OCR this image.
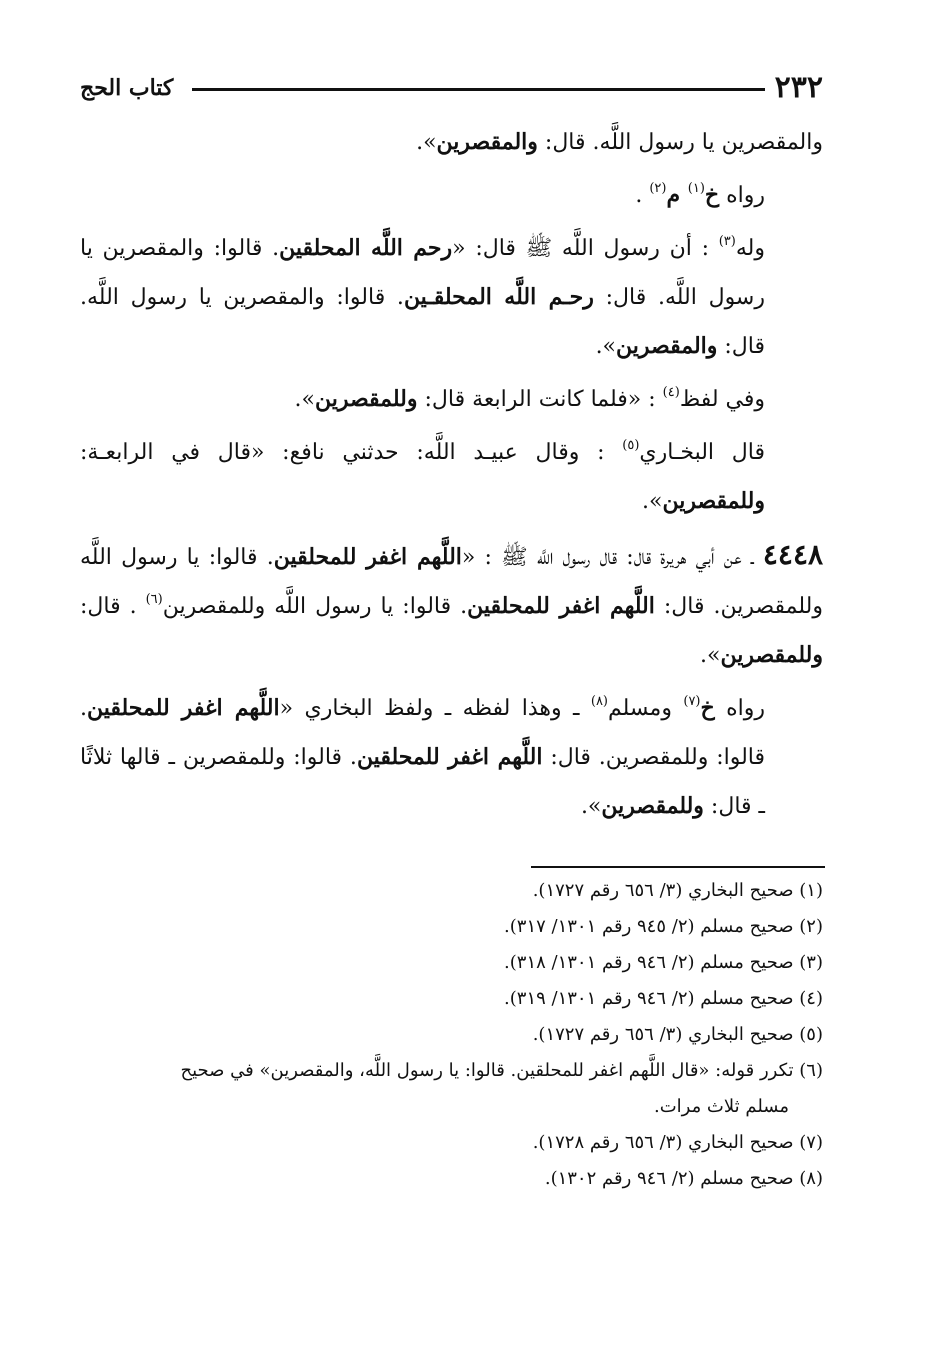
٢٣٢
كتاب الحج

والمقصرين يا رسول اللَّه. قال: والمقصرين».

رواه خ$^{(١)}$ م$^{(٢)}$ .

وله$^{(٣)}$ : أن رسول اللَّه ﷺ قال: «رحم اللَّه المحلقين. قالوا: والمقصرين يا رسول اللَّه. قال: رحـم اللَّه المحلقـين. قالوا: والمقصرين يا رسول اللَّه. قال: والمقصرين».

وفي لفظ$^{(٤)}$ : «فلما كانت الرابعة قال: وللمقصرين».

قال البخـاري$^{(٥)}$ : وقال عبيـد اللَّه: حدثني نافع: «قال في الرابعـة: وللمقصرين».

٤٤٤٨ ـ عن أبي هريرة قال: قال رسول اللَّه ﷺ : «اللَّهم اغفر للمحلقين. قالوا: يا رسول اللَّه وللمقصرين. قال: اللَّهم اغفر للمحلقين. قالوا: يا رسول اللَّه وللمقصرين$^{(٦)}$ . قال: وللمقصرين».

رواه خ$^{(٧)}$ ومسلم$^{(٨)}$ ـ وهذا لفظه ـ ولفظ البخاري «اللَّهم اغفر للمحلقين. قالوا: وللمقصرين. قال: اللَّهم اغفر للمحلقين. قالوا: وللمقصرين ـ قالها ثلاثًا ـ قال: وللمقصرين».

(١) صحيح البخاري (٣/ ٦٥٦ رقم ١٧٢٧).

(٢) صحيح مسلم (٢/ ٩٤٥ رقم ١٣٠١/ ٣١٧).

(٣) صحيح مسلم (٢/ ٩٤٦ رقم ١٣٠١/ ٣١٨).

(٤) صحيح مسلم (٢/ ٩٤٦ رقم ١٣٠١/ ٣١٩).

(٥) صحيح البخاري (٣/ ٦٥٦ رقم ١٧٢٧).

(٦) تكرر قوله: «قال اللَّهم اغفر للمحلقين. قالوا: يا رسول اللَّه، والمقصرين» في صحيح

مسلم ثلاث مرات.

(٧) صحيح البخاري (٣/ ٦٥٦ رقم ١٧٢٨).

(٨) صحيح مسلم (٢/ ٩٤٦ رقم ١٣٠٢).
